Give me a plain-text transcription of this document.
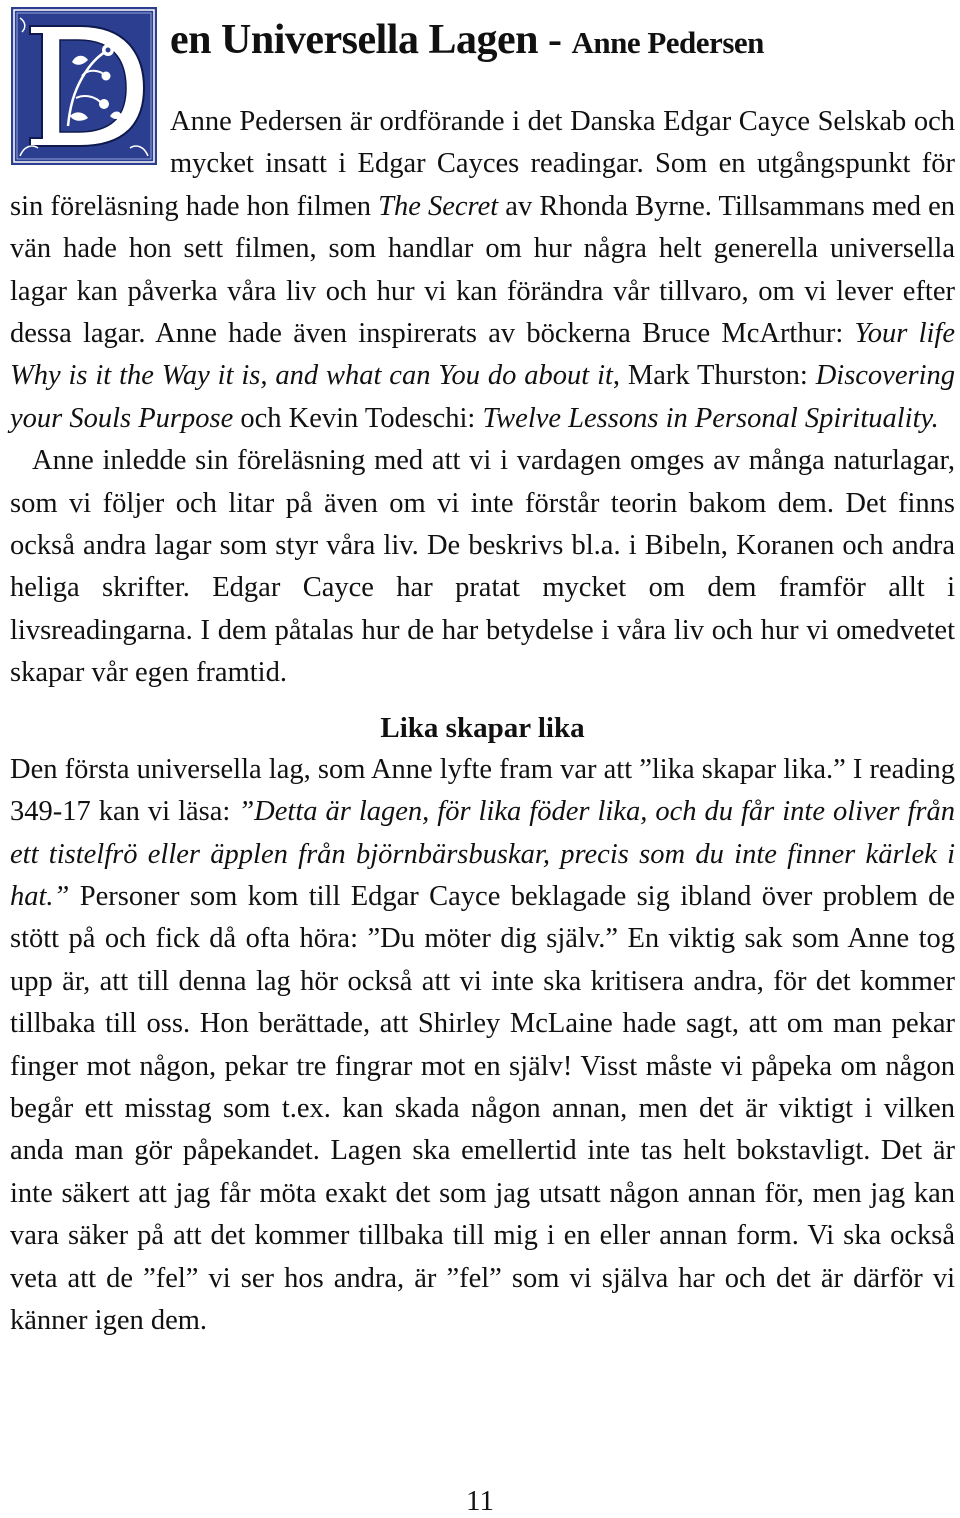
en Universella Lagen - Anne Pedersen

Anne Pedersen är ordförande i det Danska Edgar Cayce Selskab och mycket insatt i Edgar Cayces readingar. Som en utgångspunkt för sin föreläsning hade hon filmen The Secret av Rhonda Byrne. Tillsammans med en vän hade hon sett filmen, som handlar om hur några helt generella universella lagar kan påverka våra liv och hur vi kan förändra vår tillvaro, om vi lever efter dessa lagar. Anne hade även inspirerats av böckerna Bruce McArthur: Your life Why is it the Way it is, and what can You do about it, Mark Thurston: Discovering your Souls Purpose och Kevin Todeschi: Twelve Lessons in Personal Spirituality.

Anne inledde sin föreläsning med att vi i vardagen omges av många naturlagar, som vi följer och litar på även om vi inte förstår teorin bakom dem. Det finns också andra lagar som styr våra liv. De beskrivs bl.a. i Bibeln, Koranen och andra heliga skrifter. Edgar Cayce har pratat mycket om dem framför allt i livsreadingarna. I dem påtalas hur de har betydelse i våra liv och hur vi omedvetet skapar vår egen framtid.

Lika skapar lika

Den första universella lag, som Anne lyfte fram var att ”lika skapar lika.” I reading 349-17 kan vi läsa: ”Detta är lagen, för lika föder lika, och du får inte oliver från ett tistelfrö eller äpplen från björnbärsbuskar, precis som du inte finner kärlek i hat.” Personer som kom till Edgar Cayce beklagade sig ibland över problem de stött på och fick då ofta höra: ”Du möter dig själv.” En viktig sak som Anne tog upp är, att till denna lag hör också att vi inte ska kritisera andra, för det kommer tillbaka till oss. Hon berättade, att Shirley McLaine hade sagt, att om man pekar finger mot någon, pekar tre fingrar mot en själv! Visst måste vi påpeka om någon begår ett misstag som t.ex. kan skada någon annan, men det är viktigt i vilken anda man gör påpekandet. Lagen ska emellertid inte tas helt bokstavligt. Det är inte säkert att jag får möta exakt det som jag utsatt någon annan för, men jag kan vara säker på att det kommer tillbaka till mig i en eller annan form. Vi ska också veta att de ”fel” vi ser hos andra, är ”fel” som vi själva har och det är därför vi känner igen dem.

11
